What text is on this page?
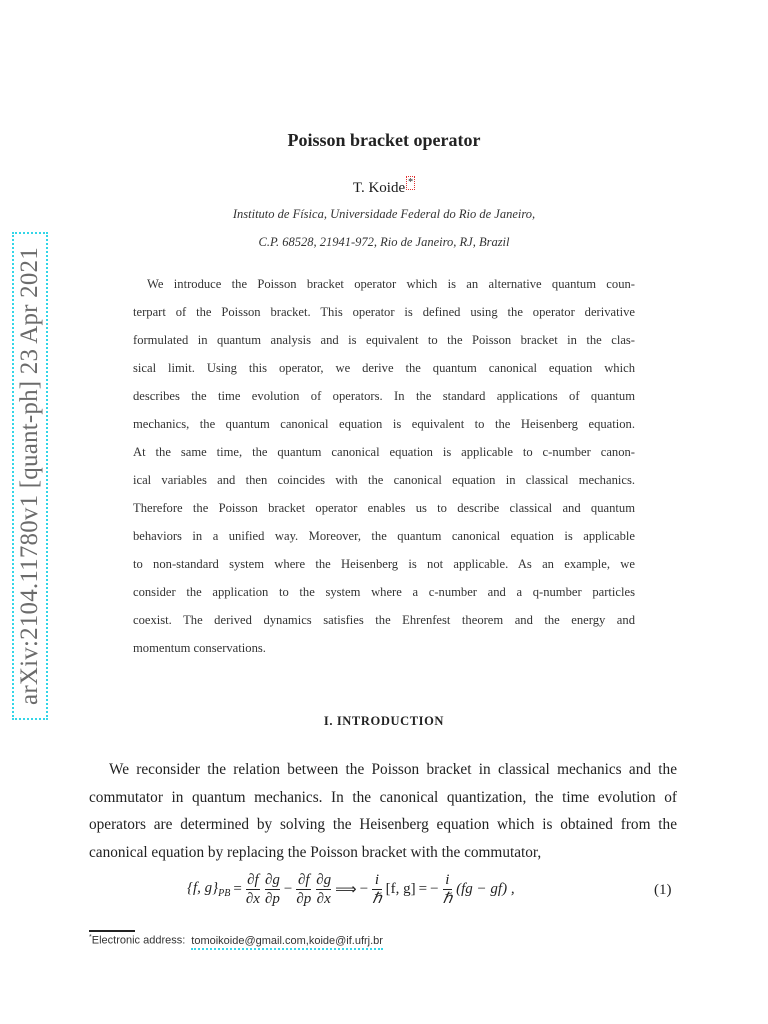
arXiv:2104.11780v1 [quant-ph] 23 Apr 2021
Poisson bracket operator
T. Koide *
Instituto de Física, Universidade Federal do Rio de Janeiro,
C.P. 68528, 21941-972, Rio de Janeiro, RJ, Brazil
We introduce the Poisson bracket operator which is an alternative quantum coun-
terpart of the Poisson bracket. This operator is defined using the operator derivative
formulated in quantum analysis and is equivalent to the Poisson bracket in the clas-
sical limit. Using this operator, we derive the quantum canonical equation which
describes the time evolution of operators. In the standard applications of quantum
mechanics, the quantum canonical equation is equivalent to the Heisenberg equation.
At the same time, the quantum canonical equation is applicable to c-number canon-
ical variables and then coincides with the canonical equation in classical mechanics.
Therefore the Poisson bracket operator enables us to describe classical and quantum
behaviors in a unified way. Moreover, the quantum canonical equation is applicable
to non-standard system where the Heisenberg is not applicable. As an example, we
consider the application to the system where a c-number and a q-number particles
coexist. The derived dynamics satisfies the Ehrenfest theorem and the energy and
momentum conservations.
I. INTRODUCTION
We reconsider the relation between the Poisson bracket in classical mechanics and the
commutator in quantum mechanics. In the canonical quantization, the time evolution of
operators are determined by solving the Heisenberg equation which is obtained from the
canonical equation by replacing the Poisson bracket with the commutator,
{f, $g\}_{PB} = \frac{\partial f}{\partial x} \frac{\partial g}{\partial p} - \frac{\partial f}{\partial p} \frac{\partial g}{\partial x}$ ⟹ − $\frac{i}{\text{ℏ}} [f$, g] = − $\frac{i}{\text{ℏ}} (fg - gf)$ ,	(1)
*Electronic address: tomoikoide@gmail.com,koide@if.ufrj.br
